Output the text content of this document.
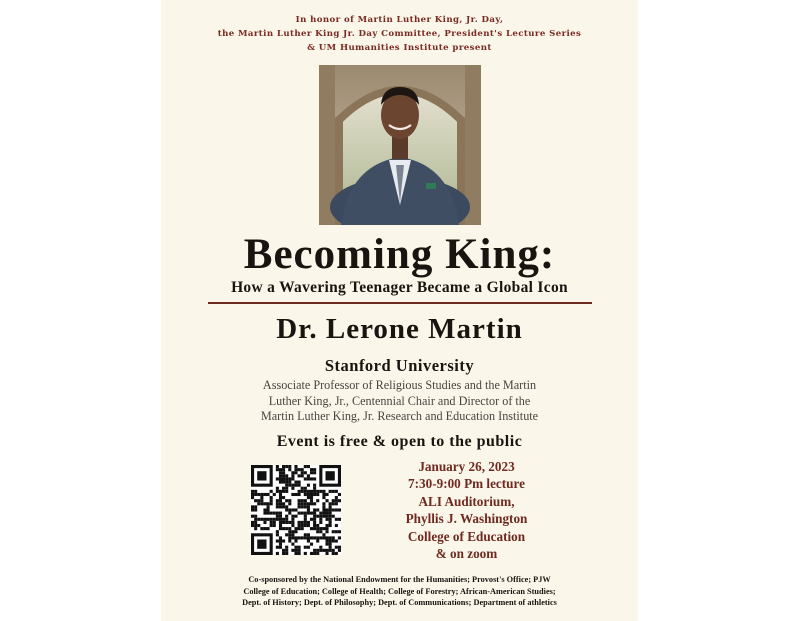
In honor of Martin Luther King, Jr. Day,
the Martin Luther King Jr. Day Committee, President's Lecture Series
& UM Humanities Institute present
Becoming King:
How a Wavering Teenager Became a Global Icon
Dr. Lerone Martin
Stanford University
Associate Professor of Religious Studies and the Martin
Luther King, Jr., Centennial Chair and Director of the
Martin Luther King, Jr. Research and Education Institute
Event is free & open to the public
January 26, 2023
7:30-9:00 Pm lecture
ALI Auditorium,
Phyllis J. Washington
College of Education
& on zoom
Co-sponsored by the National Endowment for the Humanities; Provost's Office; PJW
College of Education; College of Health; College of Forestry; African-American Studies;
Dept. of History; Dept. of Philosophy; Dept. of Communications; Department of athletics
